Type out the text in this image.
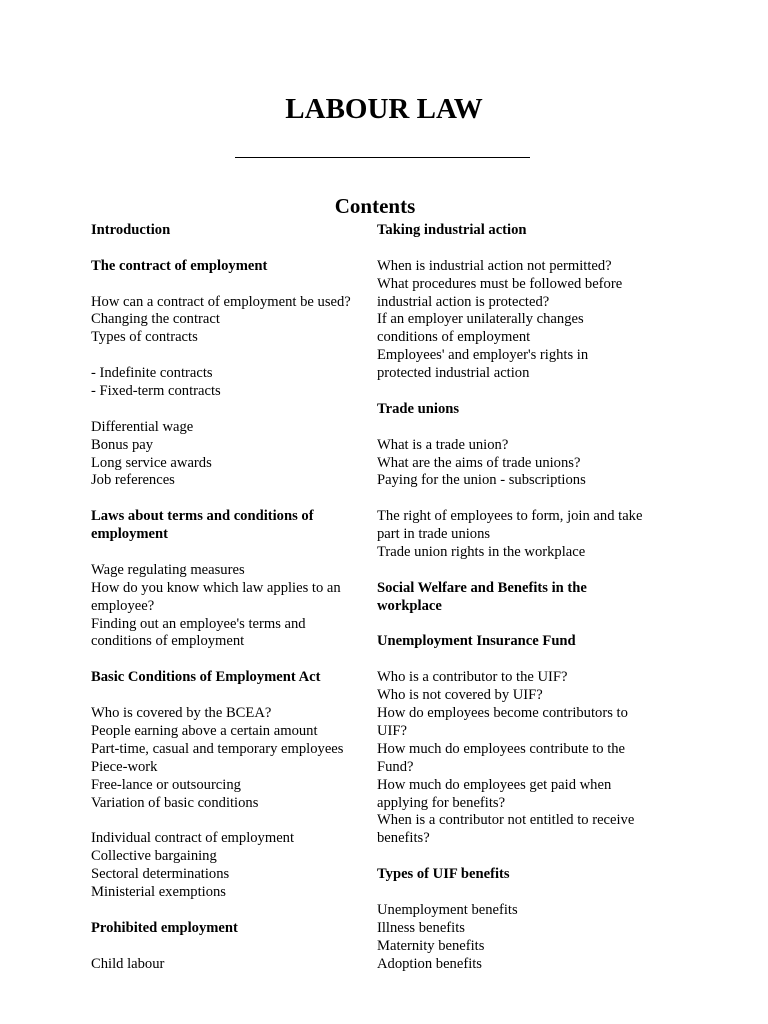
LABOUR LAW
Contents
Introduction
The contract of employment
How can a contract of employment be used?
Changing the contract
Types of contracts
- Indefinite contracts
- Fixed-term contracts
Differential wage
Bonus pay
Long service awards
Job references
Laws about terms and conditions of
employment
Wage regulating measures
How do you know which law applies to an
employee?
Finding out an employee's terms and
conditions of employment
Basic Conditions of Employment Act
Who is covered by the BCEA?
People earning above a certain amount
Part-time, casual and temporary employees
Piece-work
Free-lance or outsourcing
Variation of basic conditions
Individual contract of employment
Collective bargaining
Sectoral determinations
Ministerial exemptions
Prohibited employment
Child labour
Taking industrial action
When is industrial action not permitted?
What procedures must be followed before
industrial action is protected?
If an employer unilaterally changes
conditions of employment
Employees' and employer's rights in
protected industrial action
Trade unions
What is a trade union?
What are the aims of trade unions?
Paying for the union - subscriptions
The right of employees to form, join and take
part in trade unions
Trade union rights in the workplace
Social Welfare and Benefits in the
workplace
Unemployment Insurance Fund
Who is a contributor to the UIF?
Who is not covered by UIF?
How do employees become contributors to
UIF?
How much do employees contribute to the
Fund?
How much do employees get paid when
applying for benefits?
When is a contributor not entitled to receive
benefits?
Types of UIF benefits
Unemployment benefits
Illness benefits
Maternity benefits
Adoption benefits
